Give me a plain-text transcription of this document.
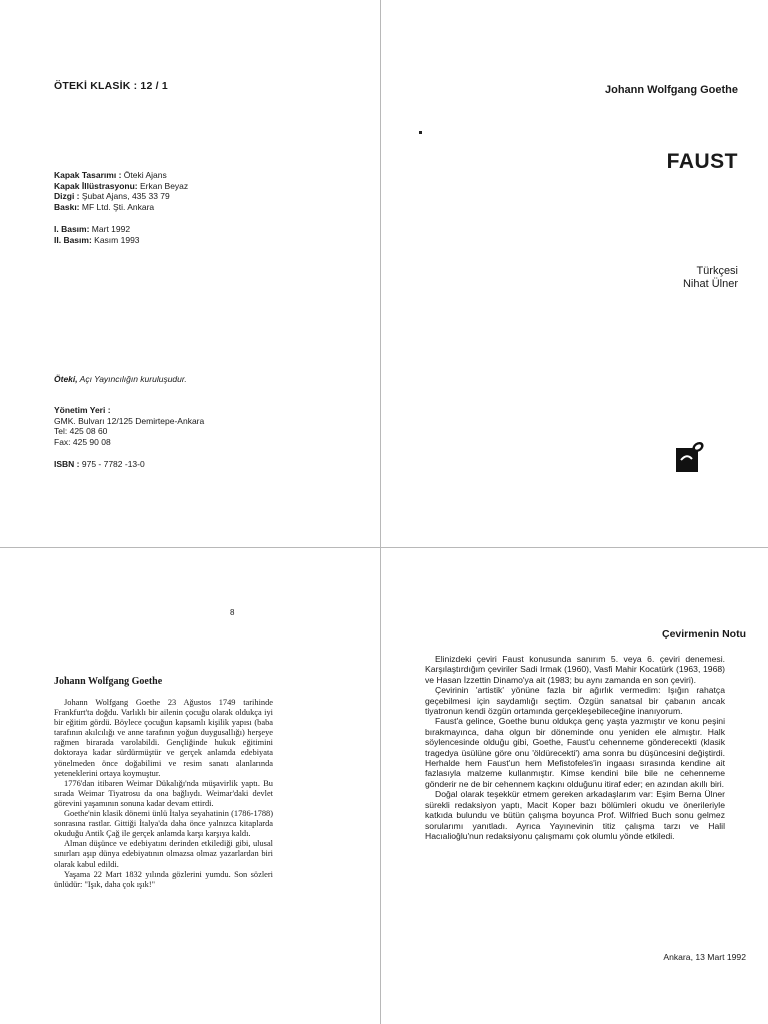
ÖTEKİ KLASİK : 12 / 1
Kapak Tasarımı : Öteki Ajans
Kapak İllüstrasyonu: Erkan Beyaz
Dizgi : Şubat Ajans, 435 33 79
Baskı: MF Ltd. Şti. Ankara
I. Basım: Mart 1992
II. Basım: Kasım 1993
Öteki, Açı Yayıncılığın kuruluşudur.
Yönetim Yeri :
GMK. Bulvarı 12/125 Demirtepe-Ankara
Tel: 425 08 60
Fax: 425 90 08
ISBN : 975 - 7782 -13-0
Johann Wolfgang Goethe
FAUST
Türkçesi
Nihat Ülner
8
Johann Wolfgang Goethe

Johann Wolfgang Goethe 23 Ağustos 1749 tarihinde Frankfurt'ta doğdu. Varlıklı bir ailenin çocuğu olarak oldukça iyi bir eğitim gördü. Böylece çocuğun kapsamlı kişilik yapısı (baba tarafının akılcılığı ve anne tarafının yoğun duygusallığı) herşeye rağmen birarada varolabildi. Gençliğinde hukuk eğitimini doktoraya kadar sürdürmüştür ve gerçek anlamda edebiyata yönelmeden önce doğabilimi ve resim sanatı alanlarında yeteneklerini ortaya koymuştur.

1776'dan itibaren Weimar Dükalığı'nda müşavirlik yaptı. Bu sırada Weimar Tiyatrosu da ona bağlıydı. Weimar'daki devlet görevini yaşamının sonuna kadar devam ettirdi.

Goethe'nin klasik dönemi ünlü İtalya seyahatinin (1786-1788) sonrasına rastlar. Gittiği İtalya'da daha önce yalnızca kitaplarda okuduğu Antik Çağ ile gerçek anlamda karşı karşıya kaldı.

Alman düşünce ve edebiyatını derinden etkilediği gibi, ulusal sınırları aşıp dünya edebiyatının olmazsa olmaz yazarlardan biri olarak kabul edildi.

Yaşama 22 Mart 1832 yılında gözlerini yumdu. Son sözleri ünlüdür: "Işık, daha çok ışık!"

Çevirmenin Notu

Elinizdeki çeviri Faust konusunda sanırım 5. veya 6. çeviri denemesi. Karşılaştırdığım çeviriler Sadi Irmak (1960), Vasfi Mahir Kocatürk (1963, 1968) ve Hasan İzzettin Dinamo'ya ait (1983; bu aynı zamanda en son çeviri).

Çevirinin 'artistik' yönüne fazla bir ağırlık vermedim: Işığın rahatça geçebilmesi için saydamlığı seçtim. Özgün sanatsal bir çabanın ancak tiyatronun kendi özgün ortamında gerçekleşebileceğine inanıyorum.

Faust'a gelince, Goethe bunu oldukça genç yaşta yazmıştır ve konu peşini bırakmayınca, daha olgun bir döneminde onu yeniden ele almıştır. Halk söylencesinde olduğu gibi, Goethe, Faust'u cehenneme gönderecekti (klasik tragedya üsülüne göre onu 'öldürecekti') ama sonra bu düşüncesini değiştirdi. Herhalde hem Faust'un hem Mefistofeles'in ingaası sırasında kendine ait fazlasıyla malzeme kullanmıştır. Kimse kendini bile bile ne cehenneme gönderir ne de bir cehennem kaçkını olduğunu itiraf eder; en azından akıllı biri.

Doğal olarak teşekkür etmem gereken arkadaşlarım var: Eşim Berna Ülner sürekli redaksiyon yaptı, Macit Koper bazı bölümleri okudu ve önerileriyle katkıda bulundu ve bütün çalışma boyunca Prof. Wilfried Buch sonu gelmez sorularımı yanıtladı. Ayrıca Yayınevinin titiz çalışma tarzı ve Halil Hacıalioğlu'nun redaksiyonu çalışmamı çok olumlu yönde etkiledi.

Ankara, 13 Mart 1992
